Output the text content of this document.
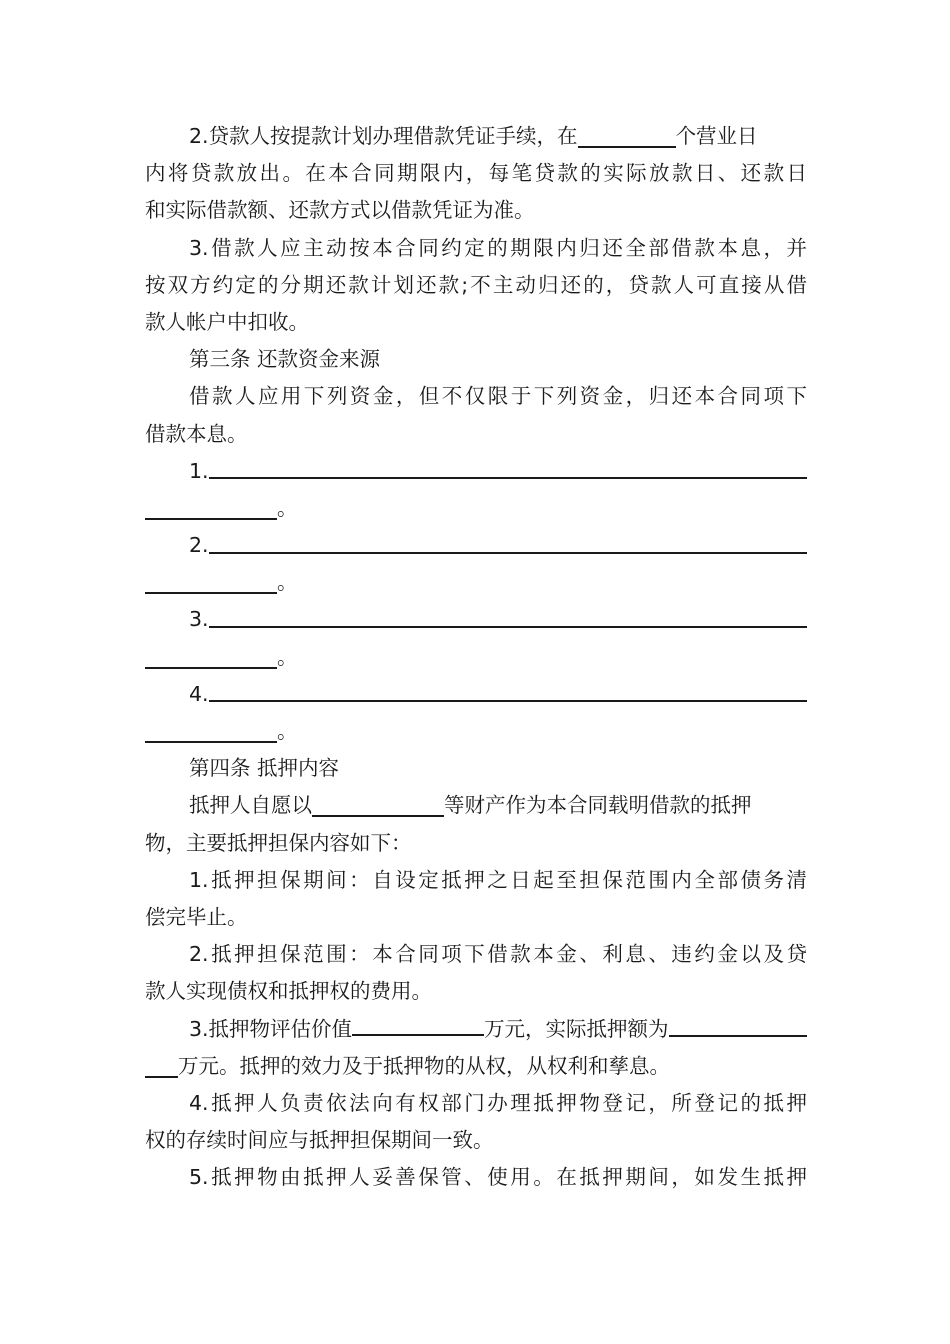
2.贷款人按提款计划办理借款凭证手续，在	个营业日
内将贷款放出。在本合同期限内，每笔贷款的实际放款日、还款日
和实际借款额、还款方式以借款凭证为准。
3.借款人应主动按本合同约定的期限内归还全部借款本息，并
按双方约定的分期还款计划还款;不主动归还的，贷款人可直接从借
款人帐户中扣收。
第三条 还款资金来源
借款人应用下列资金，但不仅限于下列资金，归还本合同项下
借款本息。
1.
。
2.
。
3.
。
4.
。
第四条 抵押内容
抵押人自愿以	等财产作为本合同载明借款的抵押
物，主要抵押担保内容如下：
1.抵押担保期间：自设定抵押之日起至担保范围内全部债务清
偿完毕止。
2.抵押担保范围：本合同项下借款本金、利息、违约金以及贷
款人实现债权和抵押权的费用。
3.抵押物评估价值	万元，实际抵押额为
万元。抵押的效力及于抵押物的从权，从权利和孳息。
4.抵押人负责依法向有权部门办理抵押物登记，所登记的抵押
权的存续时间应与抵押担保期间一致。
5.抵押物由抵押人妥善保管、使用。在抵押期间，如发生抵押
